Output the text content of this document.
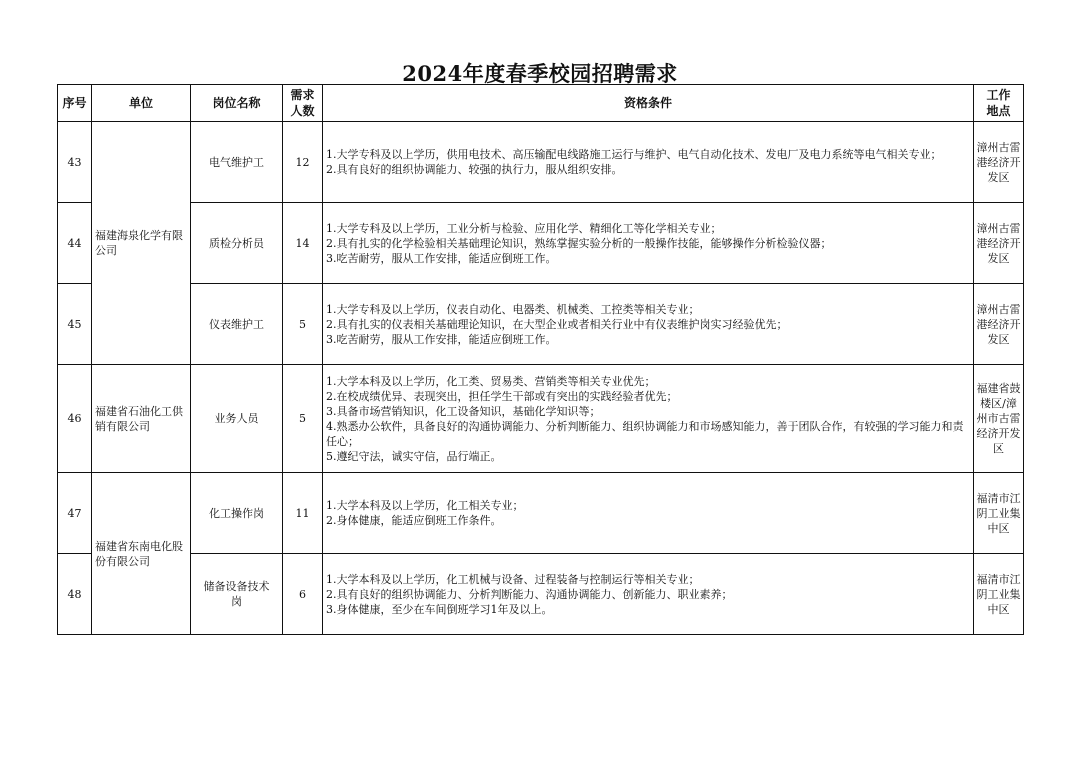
2024年度春季校园招聘需求
序号	单位	岗位名称	需求人数	资格条件	工作地点
43	福建海泉化学有限公司	电气维护工	12	1.大学专科及以上学历，供用电技术、高压输配电线路施工运行与维护、电气自动化技术、发电厂及电力系统等电气相关专业；
2.具有良好的组织协调能力、较强的执行力，服从组织安排。	漳州古雷港经济开发区
44		质检分析员	14	1.大学专科及以上学历，工业分析与检验、应用化学、精细化工等化学相关专业；
2.具有扎实的化学检验相关基础理论知识，熟练掌握实验分析的一般操作技能，能够操作分析检验仪器；
3.吃苦耐劳，服从工作安排，能适应倒班工作。	漳州古雷港经济开发区
45		仪表维护工	5	1.大学专科及以上学历，仪表自动化、电器类、机械类、工控类等相关专业；
2.具有扎实的仪表相关基础理论知识，在大型企业或者相关行业中有仪表维护岗实习经验优先；
3.吃苦耐劳，服从工作安排，能适应倒班工作。	漳州古雷港经济开发区
46	福建省石油化工供销有限公司	业务人员	5	1.大学本科及以上学历，化工类、贸易类、营销类等相关专业优先；
2.在校成绩优异、表现突出，担任学生干部或有突出的实践经验者优先；
3.具备市场营销知识，化工设备知识，基础化学知识等；
4.熟悉办公软件，具备良好的沟通协调能力、分析判断能力、组织协调能力和市场感知能力，善于团队合作，有较强的学习能力和责任心；
5.遵纪守法，诚实守信，品行端正。	福建省鼓楼区/漳州市古雷经济开发区
47	福建省东南电化股份有限公司	化工操作岗	11	1.大学本科及以上学历，化工相关专业；
2.身体健康，能适应倒班工作条件。	福清市江阴工业集中区
48		储备设备技术岗	6	1.大学本科及以上学历，化工机械与设备、过程装备与控制运行等相关专业；
2.具有良好的组织协调能力、分析判断能力、沟通协调能力、创新能力、职业素养；
3.身体健康，至少在车间倒班学习1年及以上。	福清市江阴工业集中区
